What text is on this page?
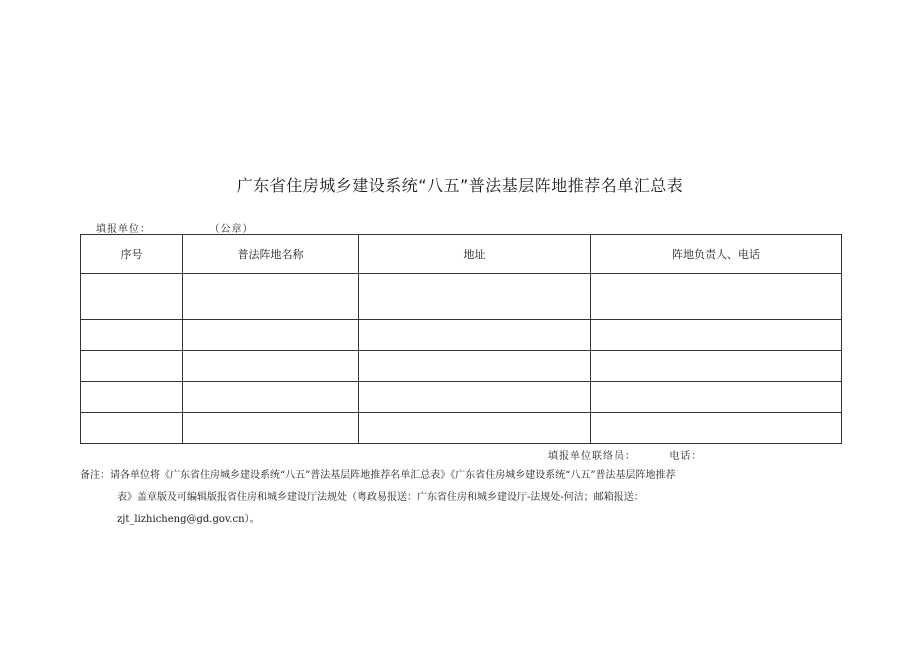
广东省住房城乡建设系统“八五”普法基层阵地推荐名单汇总表
填报单位：              （公章）
序号	普法阵地名称	地址	阵地负责人、电话

填报单位联络员：        电话：
备注：请各单位将《广东省住房城乡建设系统“八五”普法基层阵地推荐名单汇总表》《广东省住房城乡建设系统“八五”普法基层阵地推荐
表》盖章版及可编辑版报省住房和城乡建设厅法规处（粤政易报送：广东省住房和城乡建设厅-法规处-何洁；邮箱报送：
zjt_lizhicheng@gd.gov.cn）。
